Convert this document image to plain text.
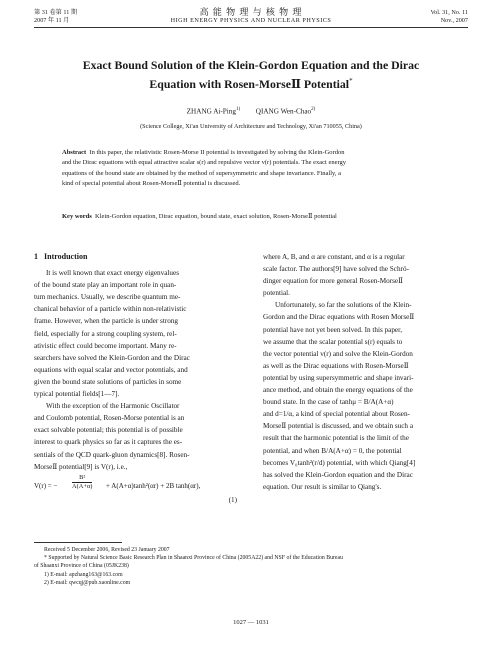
第 31 卷第 11 期
2007 年 11 月
高 能 物 理 与 核 物 理
HIGH ENERGY PHYSICS AND NUCLEAR PHYSICS
Vol. 31, No. 11
Nov., 2007
Exact Bound Solution of the Klein-Gordon Equation and the Dirac
Equation with Rosen-MorseⅡ Potential*
ZHANG Ai-Ping$^{1)}$ QIANG Wen-Chao$^{2)}$
(Science College, Xi'an University of Architecture and Technology, Xi'an 710055, China)
Abstract In this paper, the relativistic Rosen-Morse II potential is investigated by solving the Klein-Gordon
and the Dirac equations with equal attractive scalar s(r) and repulsive vector v(r) potentials. The exact energy
equations of the bound state are obtained by the method of supersymmetric and shape invariance. Finally, a
kind of special potential about Rosen-MorseⅡ potential is discussed.
Key words Klein-Gordon equation, Dirac equation, bound state, exact solution, Rosen-MorseⅡ potential
1 Introduction
It is well known that exact energy eigenvalues
of the bound state play an important role in quan-
tum mechanics. Usually, we describe quantum me-
chanical behavior of a particle within non-relativistic
frame. However, when the particle is under strong
field, especially for a strong coupling system, rel-
ativistic effect could become important. Many re-
searchers have solved the Klein-Gordon and the Dirac
equations with equal scalar and vector potentials, and
given the bound state solutions of particles in some
typical potential fields[1—7].
With the exception of the Harmonic Oscillator
and Coulomb potential, Rosen-Morse potential is an
exact solvable potential; this potential is of possible
interest to quark physics so far as it captures the es-
sentials of the QCD quark-gluon dynamics[8]. Rosen-
MorseⅡ potential[9] is V(r), i.e.,
V(r) = − $\frac{\text{B²}}{A(A+\alpha)} + A(A+\alpha)\tanh^2(\alpha r) + 2B$ tanh(αr),
(1)
where A, B, and α are constant, and α is a regular
scale factor. The authors[9] have solved the Schrö-
dinger equation for more general Rosen-MorseⅡ
potential.
Unfortunately, so far the solutions of the Klein-
Gordon and the Dirac equations with Rosen MorseⅡ
potential have not yet been solved. In this paper,
we assume that the scalar potential s(r) equals to
the vector potential v(r) and solve the Klein-Gordon
as well as the Dirac equations with Rosen-MorseⅡ
potential by using supersymmetric and shape invari-
ance method, and obtain the energy equations of the
bound state. In the case of tanhμ = B/A(A+α)
and d=1/α, a kind of special potential about Rosen-
MorseⅡ potential is discussed, and we obtain such a
result that the harmonic potential is the limit of the
potential, and when B/A(A+α) = 0, the potential
becomes V₀tanh²(r/d) potential, with which Qiang[4]
has solved the Klein-Gordon equation and the Dirac
equation. Our result is similar to Qiang's.
Received 5 December 2006, Revised 23 January 2007
* Supported by Natural Science Basic Research Plan in Shaanxi Province of China (2005A22) and NSF of the Education Bureau
of Shaanxi Province of China (05JK238)
1) E-mail: apzhang163@163.com
2) E-mail: qwcqj@pub.xaonline.com
1027 — 1031
